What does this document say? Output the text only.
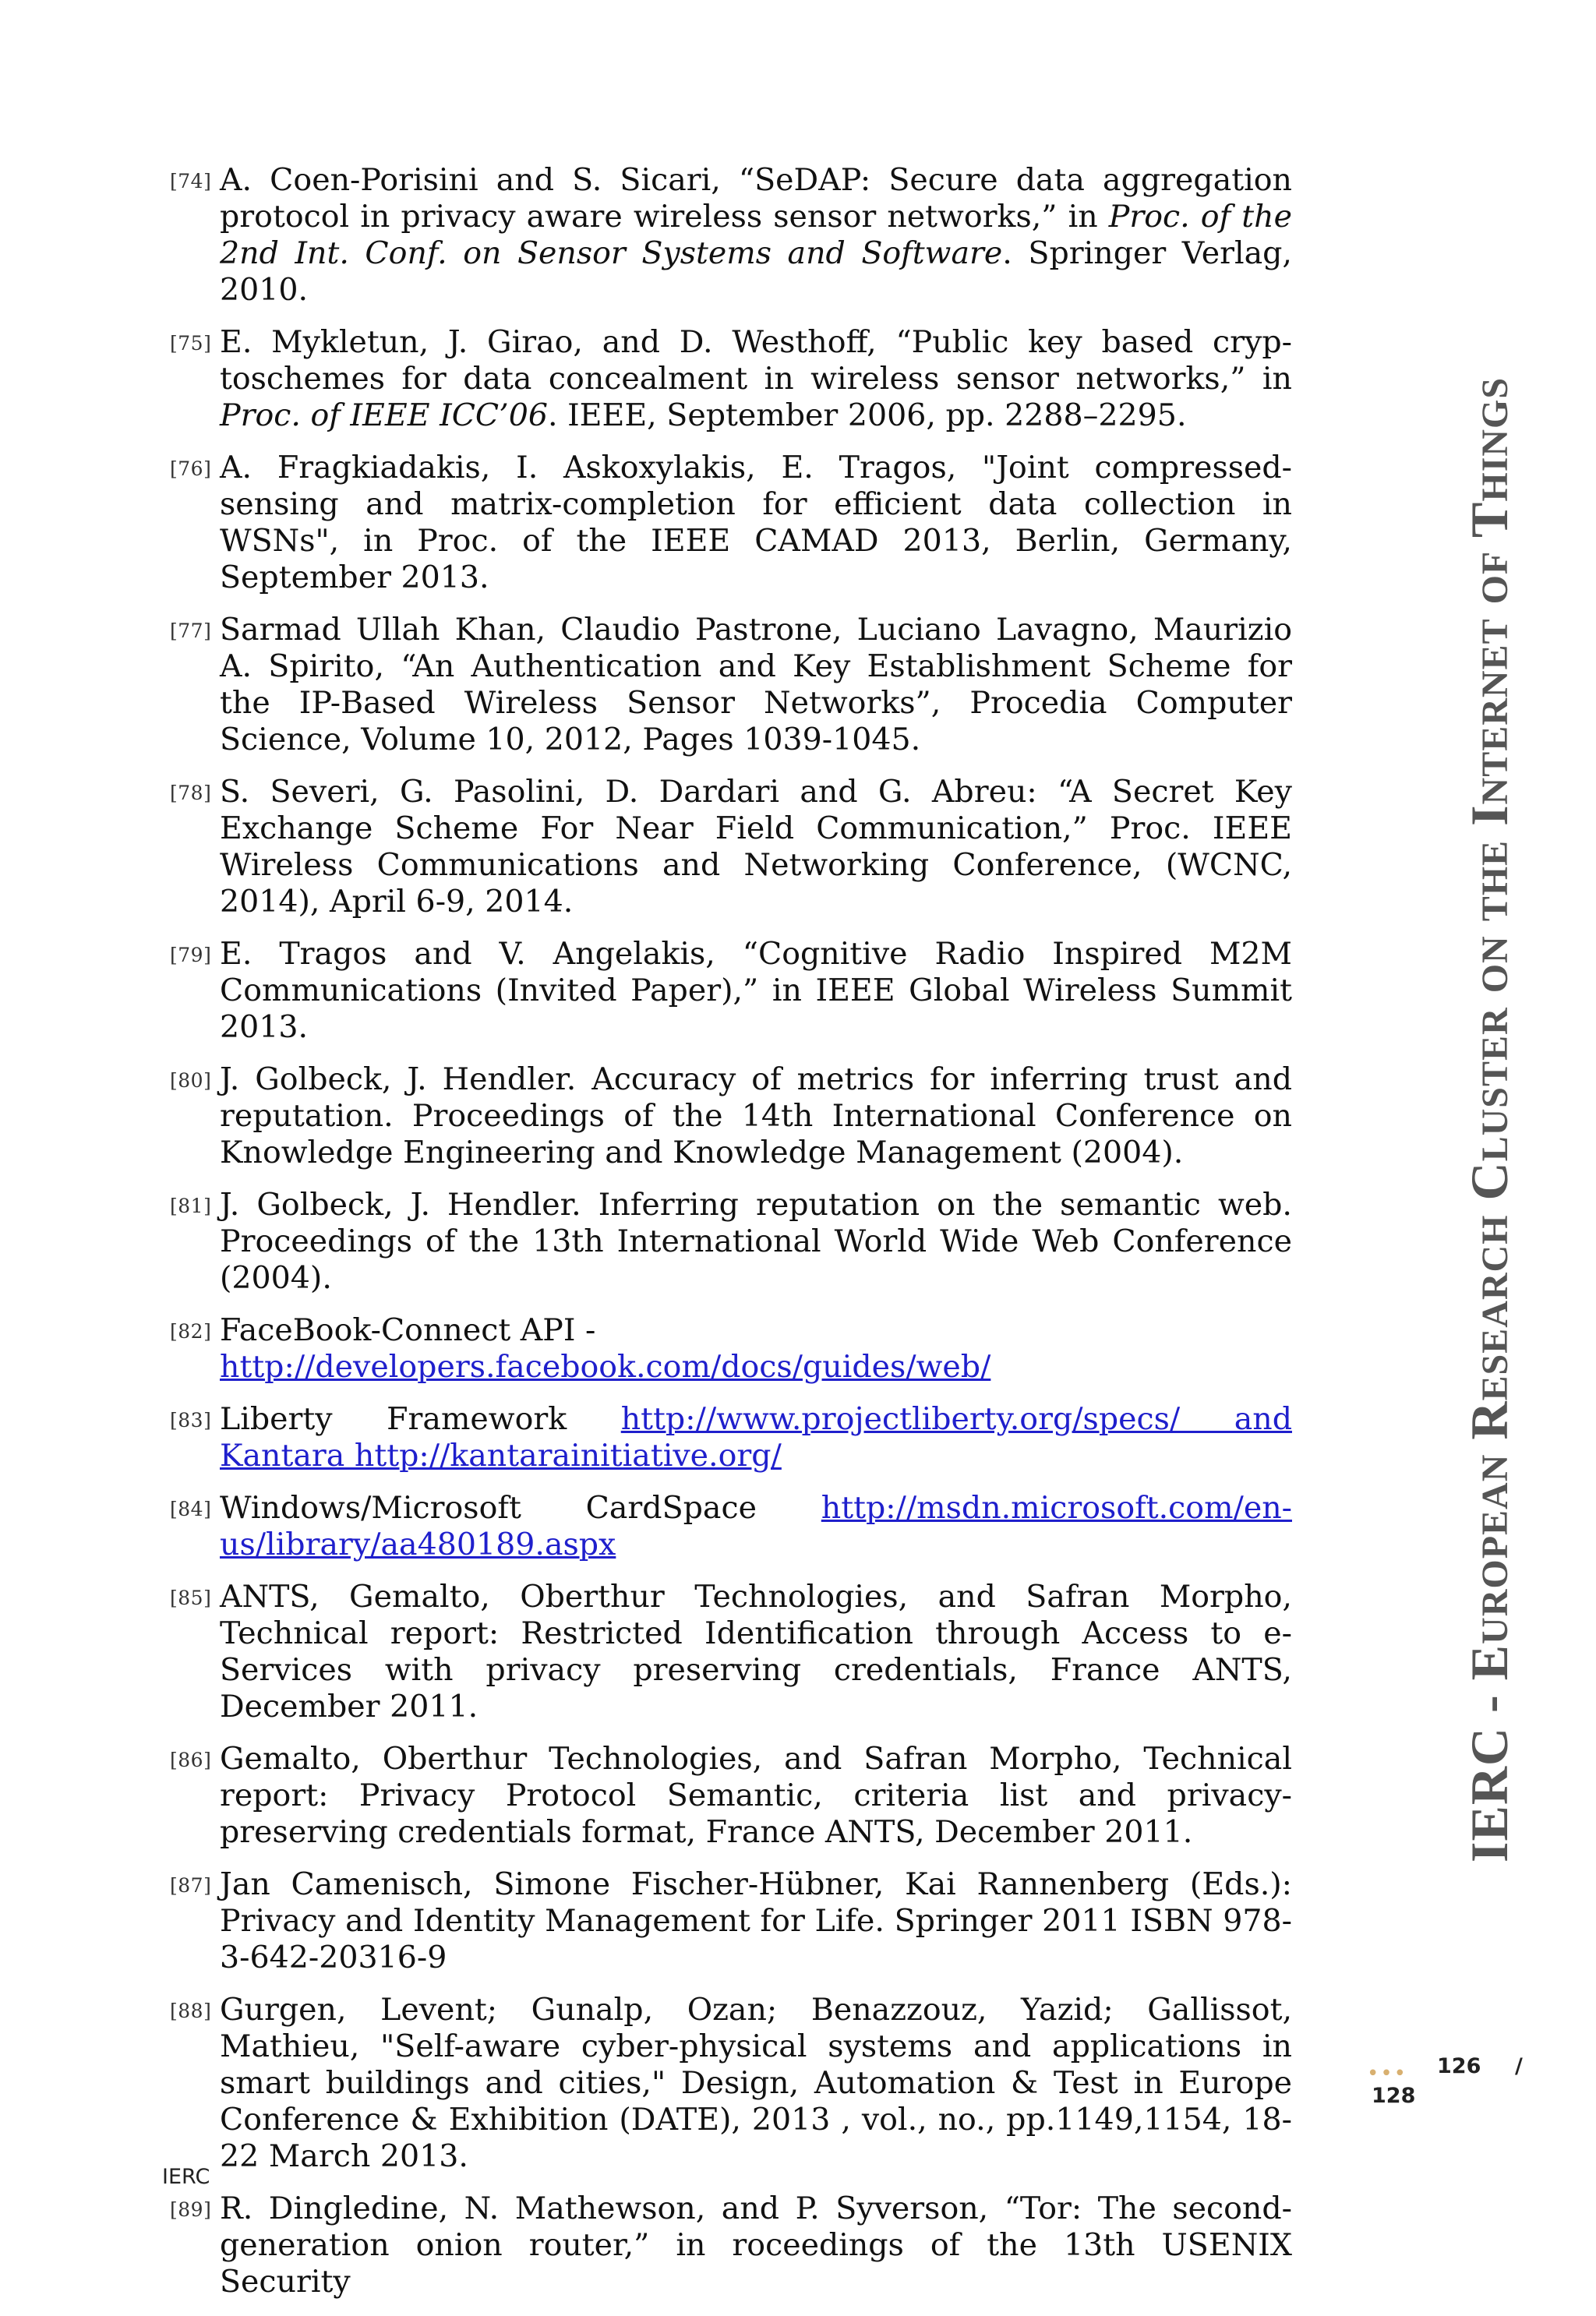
[74] A. Coen-Porisini and S. Sicari, “SeDAP: Secure data aggregation protocol in privacy aware wireless sensor networks,” in Proc. of the 2nd Int. Conf. on Sensor Systems and Software. Springer Verlag, 2010.
[75] E. Mykletun, J. Girao, and D. Westhoff, “Public key based cryp- toschemes for data concealment in wireless sensor networks,” in Proc. of IEEE ICC’06. IEEE, September 2006, pp. 2288–2295.
[76] A. Fragkiadakis, I. Askoxylakis, E. Tragos, "Joint compressed-sensing and matrix-completion for efficient data collection in WSNs", in Proc. of the IEEE CAMAD 2013, Berlin, Germany, September 2013.
[77] Sarmad Ullah Khan, Claudio Pastrone, Luciano Lavagno, Maurizio A. Spirito, “An Authentication and Key Establishment Scheme for the IP-Based Wireless Sensor Networks”, Procedia Computer Science, Volume 10, 2012, Pages 1039-1045.
[78] S. Severi, G. Pasolini, D. Dardari and G. Abreu: “A Secret Key Exchange Scheme For Near Field Communication,” Proc. IEEE Wireless Communications and Networking Conference, (WCNC, 2014), April 6-9, 2014.
[79] E. Tragos and V. Angelakis, “Cognitive Radio Inspired M2M Communications (Invited Paper),” in IEEE Global Wireless Summit 2013.
[80] J. Golbeck, J. Hendler. Accuracy of metrics for inferring trust and reputation. Proceedings of the 14th International Conference on Knowledge Engineering and Knowledge Management (2004).
[81] J. Golbeck, J. Hendler. Inferring reputation on the semantic web. Proceedings of the 13th International World Wide Web Conference (2004).
[82] FaceBook-Connect API -
http://developers.facebook.com/docs/guides/web/
[83] Liberty Framework http://www.projectliberty.org/specs/ and Kantara http://kantarainitiative.org/
[84] Windows/Microsoft CardSpace http://msdn.microsoft.com/en-us/library/aa480189.aspx
[85] ANTS, Gemalto, Oberthur Technologies, and Safran Morpho, Technical report: Restricted Identification through Access to e-Services with privacy preserving credentials, France ANTS, December 2011.
[86] Gemalto, Oberthur Technologies, and Safran Morpho, Technical report: Privacy Protocol Semantic, criteria list and privacy-preserving credentials format, France ANTS, December 2011.
[87] Jan Camenisch, Simone Fischer-Hübner, Kai Rannenberg (Eds.): Privacy and Identity Management for Life. Springer 2011 ISBN 978-3-642-20316-9
[88] Gurgen, Levent; Gunalp, Ozan; Benazzouz, Yazid; Gallissot, Mathieu, "Self-aware cyber-physical systems and applications in smart buildings and cities," Design, Automation & Test in Europe Conference & Exhibition (DATE), 2013 , vol., no., pp.1149,1154, 18-22 March 2013.
[89] R. Dingledine, N. Mathewson, and P. Syverson, “Tor: The second-generation onion router,” in roceedings of the 13th USENIX Security
IERC - European Research Cluster on the Internet of Things
••• 126 /
128
IERC
